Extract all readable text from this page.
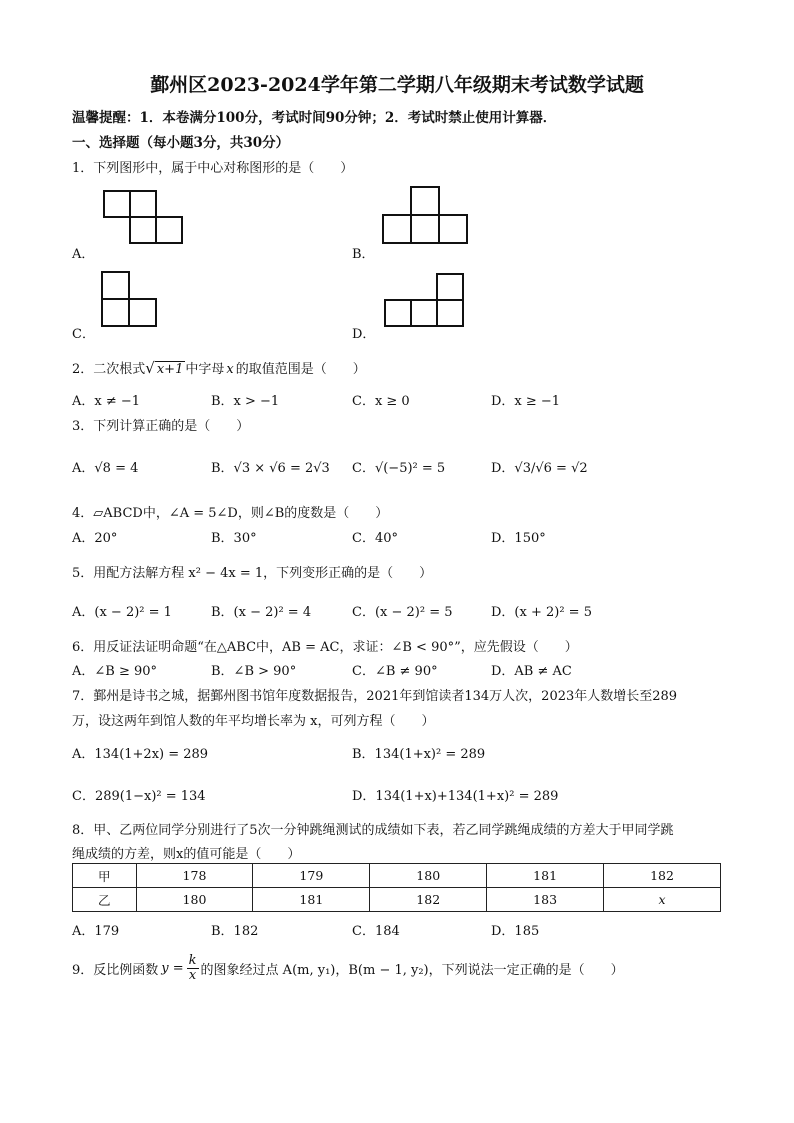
鄞州区2023-2024学年第二学期八年级期末考试数学试题
温馨提醒：1．本卷满分100分，考试时间90分钟；2．考试时禁止使用计算器．
一、选择题（每小题3分，共30分）
1．下列图形中，属于中心对称图形的是（　　）
A．	B．
C．	D．
2．二次根式√ x+1 中字母 x 的取值范围是（　　）
A．x ≠ −1	B．x > −1	C．x ≥ 0	D．x ≥ −1
3．下列计算正确的是（　　）
A．√8 = 4	B．√3 × √6 = 2√3 C．√(−5)² = 5	D．√3/√6 = √2
4．▱ABCD中，∠A = 5∠D，则∠B的度数是（　　）
A．20°	B．30°	C．40°	D．150°
5．用配方法解方程 x² − 4x = 1，下列变形正确的是（　　）
A．(x − 2)² = 1	B．(x − 2)² = 4	C．(x − 2)² = 5	D．(x + 2)² = 5
6．用反证法证明命题“在△ABC中，AB = AC，求证：∠B < 90°”，应先假设（　　）
A．∠B ≥ 90°	B．∠B > 90°	C．∠B ≠ 90°	D．AB ≠ AC
7．鄞州是诗书之城，据鄞州图书馆年度数据报告，2021年到馆读者134万人次，2023年人数增长至289
万，设这两年到馆人数的年平均增长率为 x，可列方程（　　）
A．134(1+2x) = 289	B．134(1+x)² = 289
C．289(1−x)² = 134	D．134(1+x)+134(1+x)² = 289
8．甲、乙两位同学分别进行了5次一分钟跳绳测试的成绩如下表，若乙同学跳绳成绩的方差大于甲同学跳
绳成绩的方差，则x的值可能是（　　）
甲	178	179	180	181	182
乙	180	181	182	183	x
A．179	B．182	C．184	D．185
9．反比例函数 $y = \frac{k}{x}$ 的图象经过点 A(m, y₁)，B(m − 1, y₂)，下列说法一定正确的是（　　）
